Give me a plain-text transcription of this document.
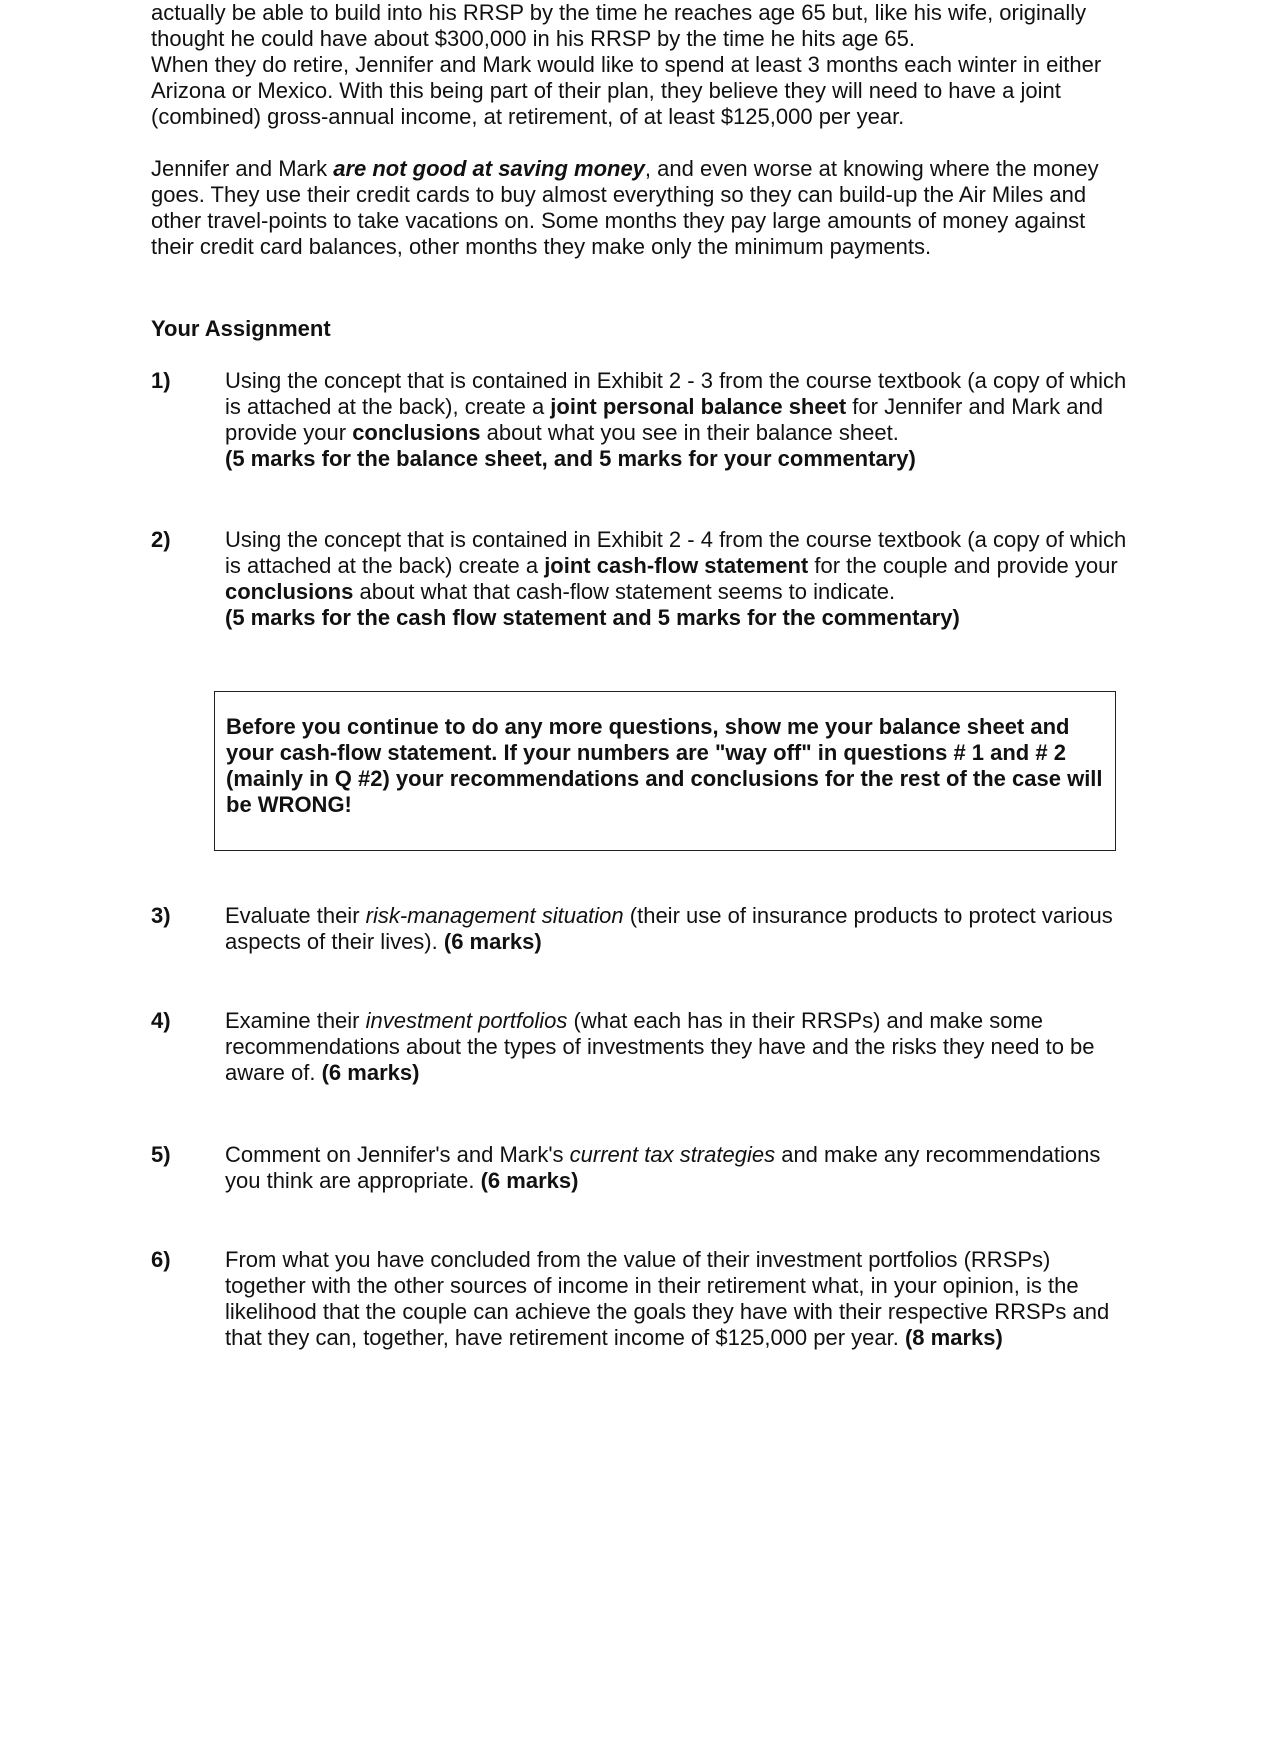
actually be able to build into his RRSP by the time he reaches age 65 but, like his wife, originally thought he could have about $300,000 in his RRSP by the time he hits age 65.
When they do retire, Jennifer and Mark would like to spend at least 3 months each winter in either Arizona or Mexico. With this being part of their plan, they believe they will need to have a joint (combined) gross-annual income, at retirement, of at least $125,000 per year.

Jennifer and Mark are not good at saving money, and even worse at knowing where the money goes. They use their credit cards to buy almost everything so they can build-up the Air Miles and other travel-points to take vacations on. Some months they pay large amounts of money against their credit card balances, other months they make only the minimum payments.

Your Assignment
1) Using the concept that is contained in Exhibit 2 - 3 from the course textbook (a copy of which is attached at the back), create a joint personal balance sheet for Jennifer and Mark and provide your conclusions about what you see in their balance sheet.
(5 marks for the balance sheet, and 5 marks for your commentary)
2) Using the concept that is contained in Exhibit 2 - 4 from the course textbook (a copy of which is attached at the back) create a joint cash-flow statement for the couple and provide your conclusions about what that cash-flow statement seems to indicate.
(5 marks for the cash flow statement and 5 marks for the commentary)
Before you continue to do any more questions, show me your balance sheet and your cash-flow statement. If your numbers are "way off" in questions # 1 and # 2 (mainly in Q #2) your recommendations and conclusions for the rest of the case will be WRONG!
3) Evaluate their risk-management situation (their use of insurance products to protect various aspects of their lives). (6 marks)
4) Examine their investment portfolios (what each has in their RRSPs) and make some recommendations about the types of investments they have and the risks they need to be aware of. (6 marks)
5) Comment on Jennifer's and Mark's current tax strategies and make any recommendations you think are appropriate. (6 marks)
6) From what you have concluded from the value of their investment portfolios (RRSPs) together with the other sources of income in their retirement what, in your opinion, is the likelihood that the couple can achieve the goals they have with their respective RRSPs and that they can, together, have retirement income of $125,000 per year. (8 marks)
